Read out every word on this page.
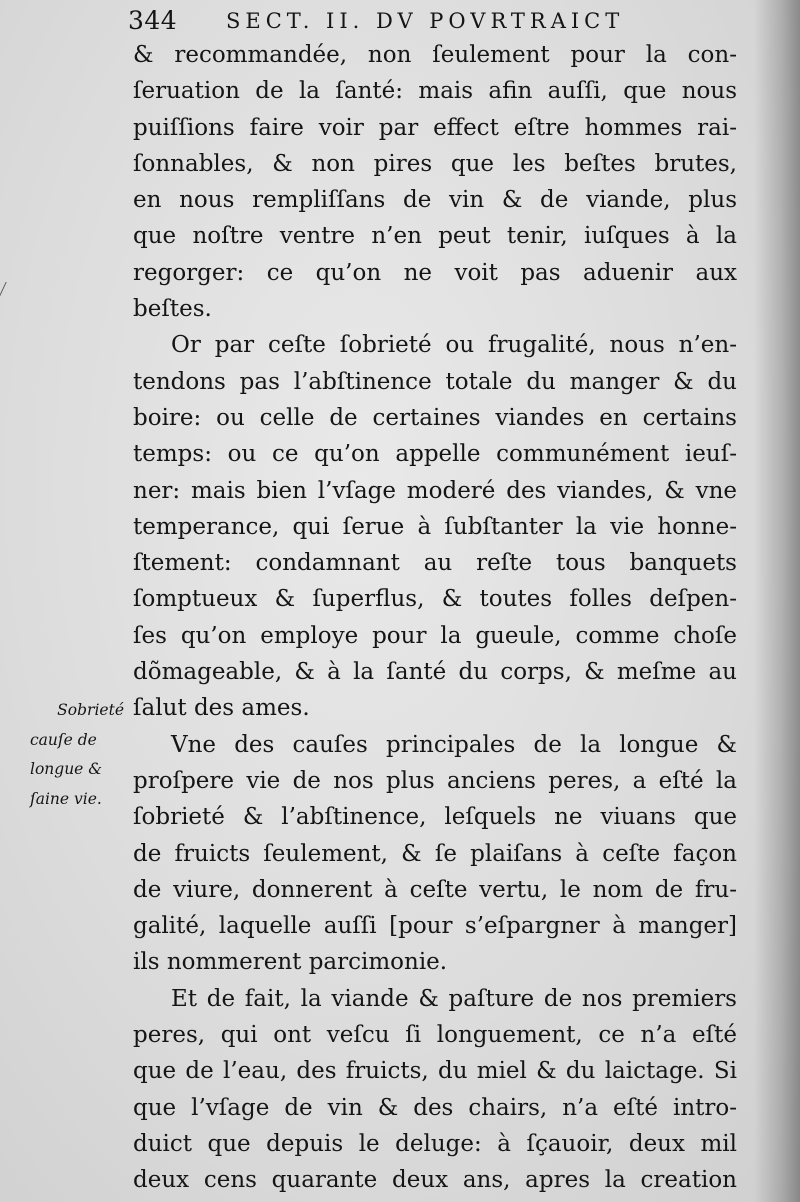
344 SECT. II. DV POVRTRAICT
Sobrieté
cauſe de
longue &
ſaine vie.
& recommandée, non ſeulement pour la con-
ſeruation de la ſanté: mais afin auſſi, que nous
puiſſions faire voir par effect eſtre hommes rai-
ſonnables, & non pires que les beſtes brutes,
en nous rempliſſans de vin & de viande, plus
que noſtre ventre n’en peut tenir, iuſques à la
regorger: ce qu’on ne voit pas aduenir aux
beſtes.
Or par ceſte ſobrieté ou frugalité, nous n’en-
tendons pas l’abſtinence totale du manger & du
boire: ou celle de certaines viandes en certains
temps: ou ce qu’on appelle communément ieuſ-
ner: mais bien l’vſage moderé des viandes, & vne
temperance, qui ſerue à ſubſtanter la vie honne-
ſtement: condamnant au reſte tous banquets
ſomptueux & ſuperflus, & toutes folles deſpen-
ſes qu’on employe pour la gueule, comme choſe
dõmageable, & à la ſanté du corps, & meſme au
ſalut des ames.
Vne des cauſes principales de la longue &
proſpere vie de nos plus anciens peres, a eſté la
ſobrieté & l’abſtinence, leſquels ne viuans que
de fruicts ſeulement, & ſe plaiſans à ceſte façon
de viure, donnerent à ceſte vertu, le nom de fru-
galité, laquelle auſſi [pour s’eſpargner à manger]
ils nommerent parcimonie.
Et de fait, la viande & paſture de nos premiers
peres, qui ont veſcu ſi longuement, ce n’a eſté
que de l’eau, des fruicts, du miel & du laictage. Si
que l’vſage de vin & des chairs, n’a eſté intro-
duict que depuis le deluge: à ſçauoir, deux mil
deux cens quarante deux ans, apres la creation
